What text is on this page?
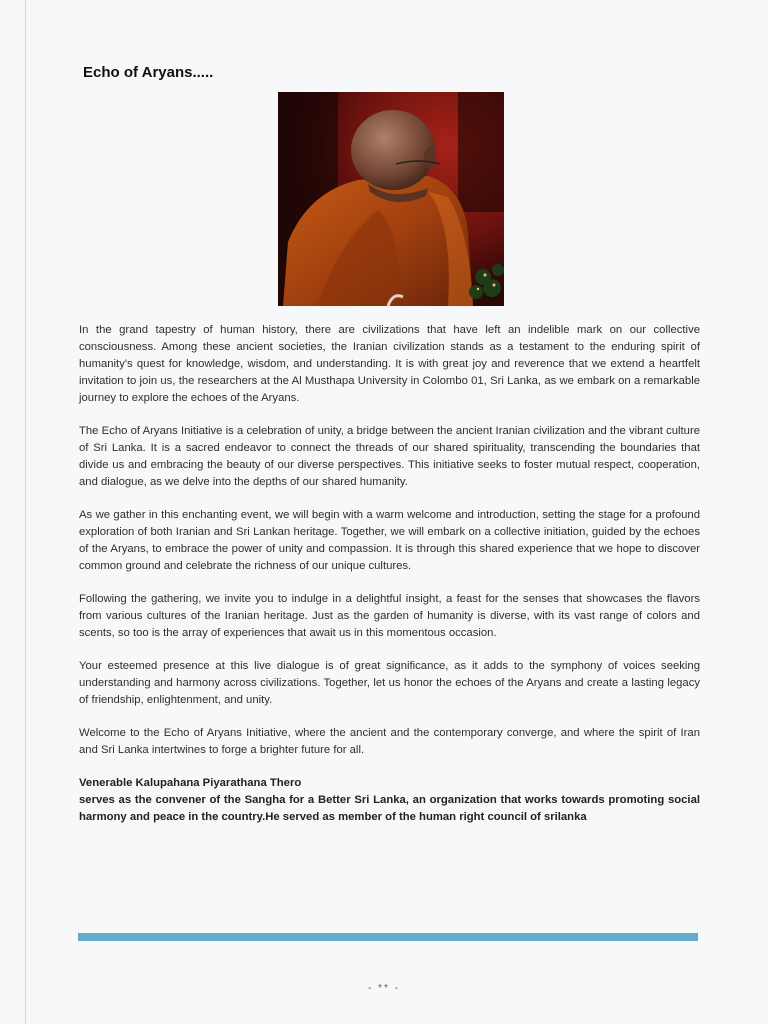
Echo of Aryans.....

In the grand tapestry of human history, there are civilizations that have left an indelible mark on our collective consciousness. Among these ancient societies, the Iranian civilization stands as a testament to the enduring spirit of humanity's quest for knowledge, wisdom, and understanding. It is with great joy and reverence that we extend a heartfelt invitation to join us, the researchers at the Al Musthapa University in Colombo 01, Sri Lanka, as we embark on a remarkable journey to explore the echoes of the Aryans.

The Echo of Aryans Initiative is a celebration of unity, a bridge between the ancient Iranian civilization and the vibrant culture of Sri Lanka. It is a sacred endeavor to connect the threads of our shared spirituality, transcending the boundaries that divide us and embracing the beauty of our diverse perspectives. This initiative seeks to foster mutual respect, cooperation, and dialogue, as we delve into the depths of our shared humanity.

As we gather in this enchanting event, we will begin with a warm welcome and introduction, setting the stage for a profound exploration of both Iranian and Sri Lankan heritage. Together, we will embark on a collective initiation, guided by the echoes of the Aryans, to embrace the power of unity and compassion. It is through this shared experience that we hope to discover common ground and celebrate the richness of our unique cultures.

Following the gathering, we invite you to indulge in a delightful insight, a feast for the senses that showcases the flavors from various cultures of the Iranian heritage. Just as the garden of humanity is diverse, with its vast range of colors and scents, so too is the array of experiences that await us in this momentous occasion.

Your esteemed presence at this live dialogue is of great significance, as it adds to the symphony of voices seeking understanding and harmony across civilizations. Together, let us honor the echoes of the Aryans and create a lasting legacy of friendship, enlightenment, and unity.

Welcome to the Echo of Aryans Initiative, where the ancient and the contemporary converge, and where the spirit of Iran and Sri Lanka intertwines to forge a brighter future for all.

Venerable Kalupahana Piyarathana Thero
serves as the convener of the Sangha for a Better Sri Lanka, an organization that works towards promoting social harmony and peace in the country.He served as member of the human right council of srilanka
- ** -
